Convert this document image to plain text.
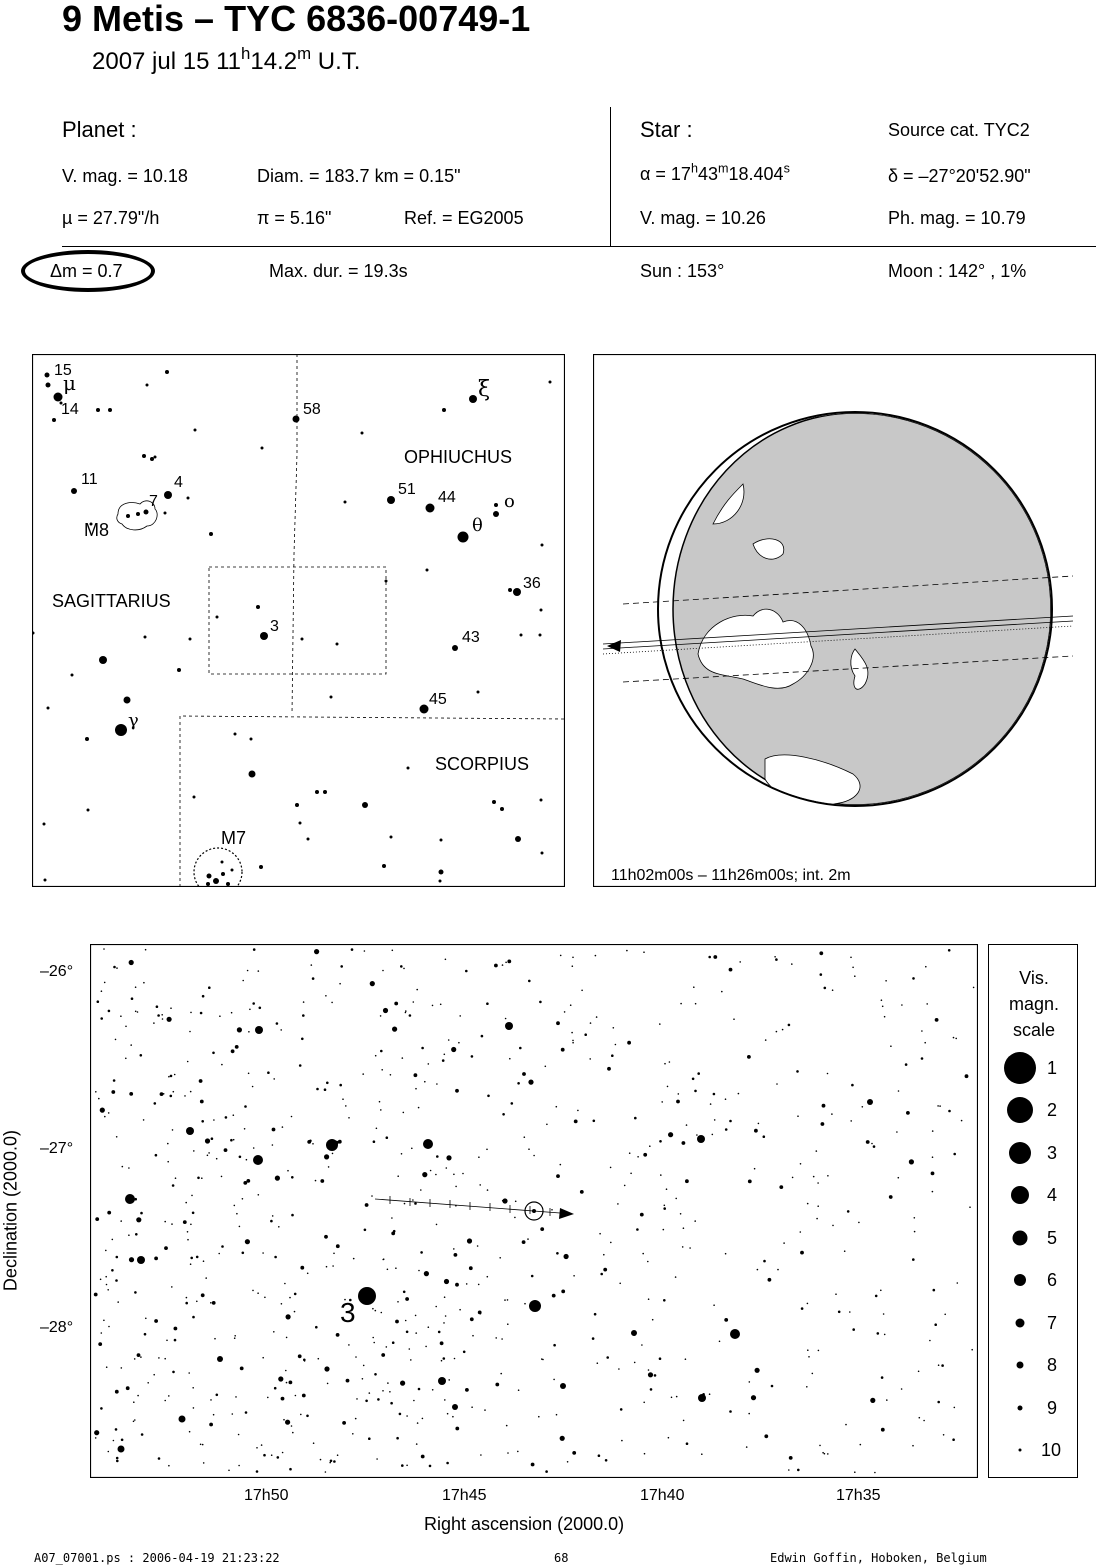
9 Metis – TYC 6836-00749-1
2007 jul 15 11$^h$14.2$^m$ U.T.
Planet :
V. mag. = 10.18	Diam. = 183.7 km = 0.15"
µ = 27.79"/h	π = 5.16"	Ref. = EG2005
Star :	Source cat. TYC2
$\alpha = 17^h43^m18.404^s$	δ = –27°20'52.90"
V. mag. = 10.26	Ph. mag. = 10.79
Δm = 0.7	Max. dur. = 19.3s	Sun : 153°	Moon : 142° , 1%
15
μ
14	58
ξ
11	4
7
M8
51 44	o
θ
36
3
43
45
γ
M7
OPHIUCHUS
SAGITTARIUS
SCORPIUS
11h02m00s – 11h26m00s; int. 2m
3
–26°
–27°
–28°
17h50	17h45	17h40	17h35
Right ascension (2000.0)
Declination (2000.0)
Vis.
magn.
scale
1
2
3
4
5
6
7
8
9
10
A07_07001.ps : 2006-04-19 21:23:22	68	Edwin Goffin, Hoboken, Belgium
